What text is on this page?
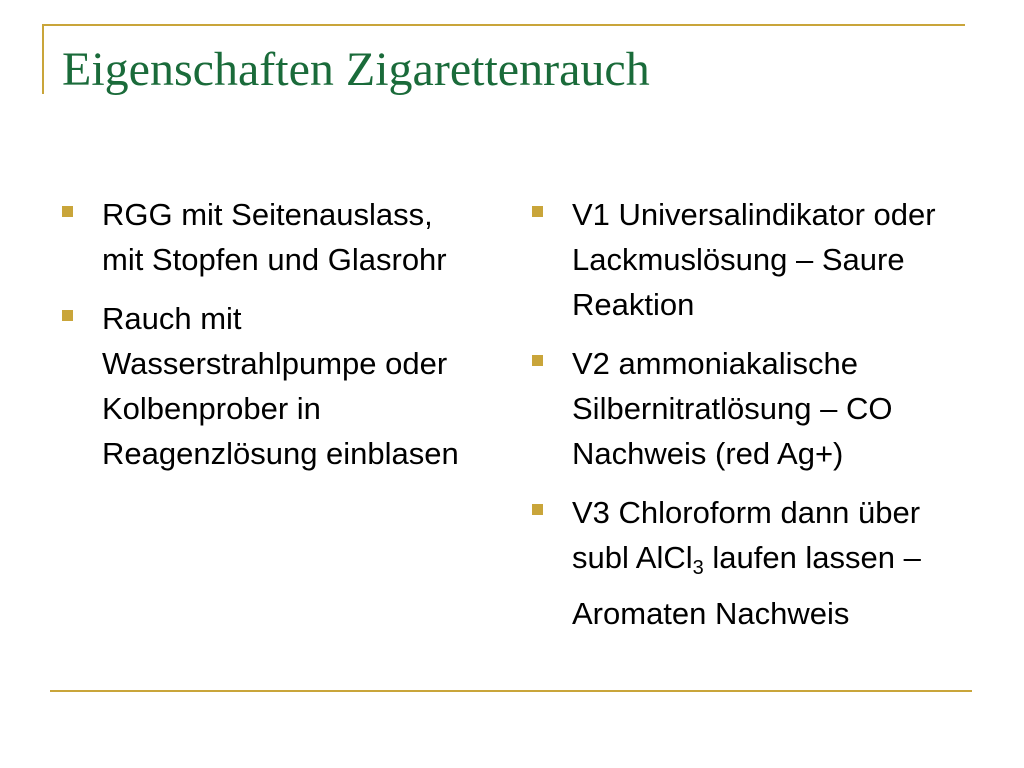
Eigenschaften Zigarettenrauch
RGG mit Seitenauslass, mit Stopfen und Glasrohr
Rauch mit Wasserstrahlpumpe oder Kolbenprober in Reagenzlösung einblasen
V1 Universalindikator oder Lackmuslösung – Saure Reaktion
V2 ammoniakalische Silbernitratlösung – CO Nachweis (red Ag+)
V3 Chloroform dann über subl AlCl$_3$ laufen lassen – Aromaten Nachweis
